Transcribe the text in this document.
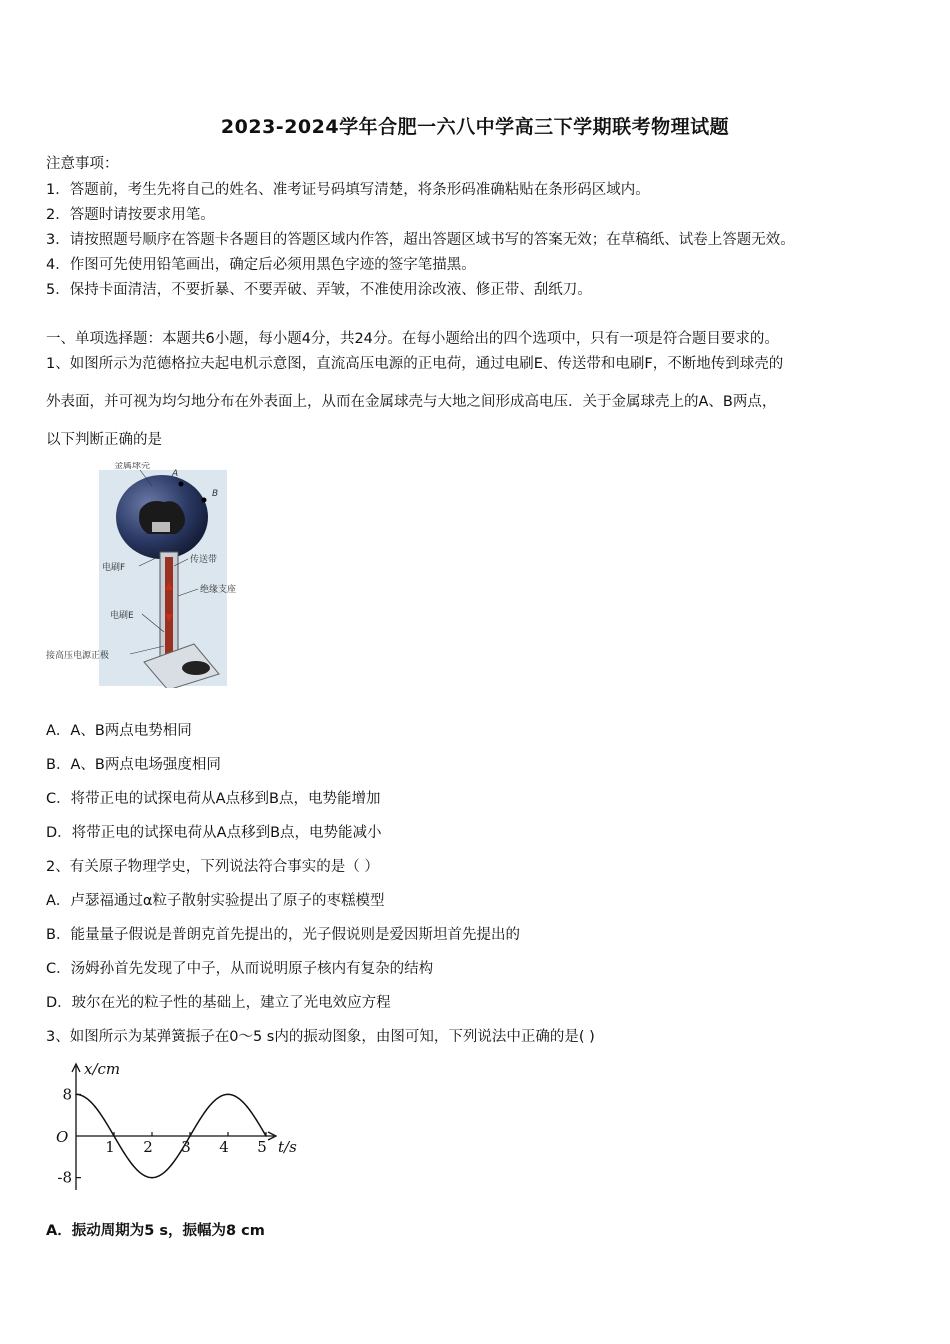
2023-2024学年合肥一六八中学高三下学期联考物理试题
注意事项：
1．答题前，考生先将自己的姓名、准考证号码填写清楚，将条形码准确粘贴在条形码区域内。
2．答题时请按要求用笔。
3．请按照题号顺序在答题卡各题目的答题区域内作答，超出答题区域书写的答案无效；在草稿纸、试卷上答题无效。
4．作图可先使用铅笔画出，确定后必须用黑色字迹的签字笔描黑。
5．保持卡面清洁，不要折暴、不要弄破、弄皱，不准使用涂改液、修正带、刮纸刀。
一、单项选择题：本题共6小题，每小题4分，共24分。在每小题给出的四个选项中，只有一项是符合题目要求的。
1、如图所示为范德格拉夫起电机示意图，直流高压电源的正电荷，通过电刷E、传送带和电刷F，不断地传到球壳的
外表面，并可视为均匀地分布在外表面上，从而在金属球壳与大地之间形成高电压．关于金属球壳上的A、B两点，
以下判断正确的是
金属球壳
A
B
电刷F
传送带
绝缘支座
电刷E
接高压电源正极
A．A、B两点电势相同
B．A、B两点电场强度相同
C．将带正电的试探电荷从A点移到B点，电势能增加
D．将带正电的试探电荷从A点移到B点，电势能减小
2、有关原子物理学史，下列说法符合事实的是（ ）
A．卢瑟福通过α粒子散射实验提出了原子的枣糕模型
B．能量量子假说是普朗克首先提出的，光子假说则是爱因斯坦首先提出的
C．汤姆孙首先发现了中子，从而说明原子核内有复杂的结构
D．玻尔在光的粒子性的基础上，建立了光电效应方程
3、如图所示为某弹簧振子在0～5 s内的振动图象，由图可知，下列说法中正确的是( )
x/cm
t/s
O
8
-8
1 2 3 4 5
A．振动周期为5 s，振幅为8 cm
